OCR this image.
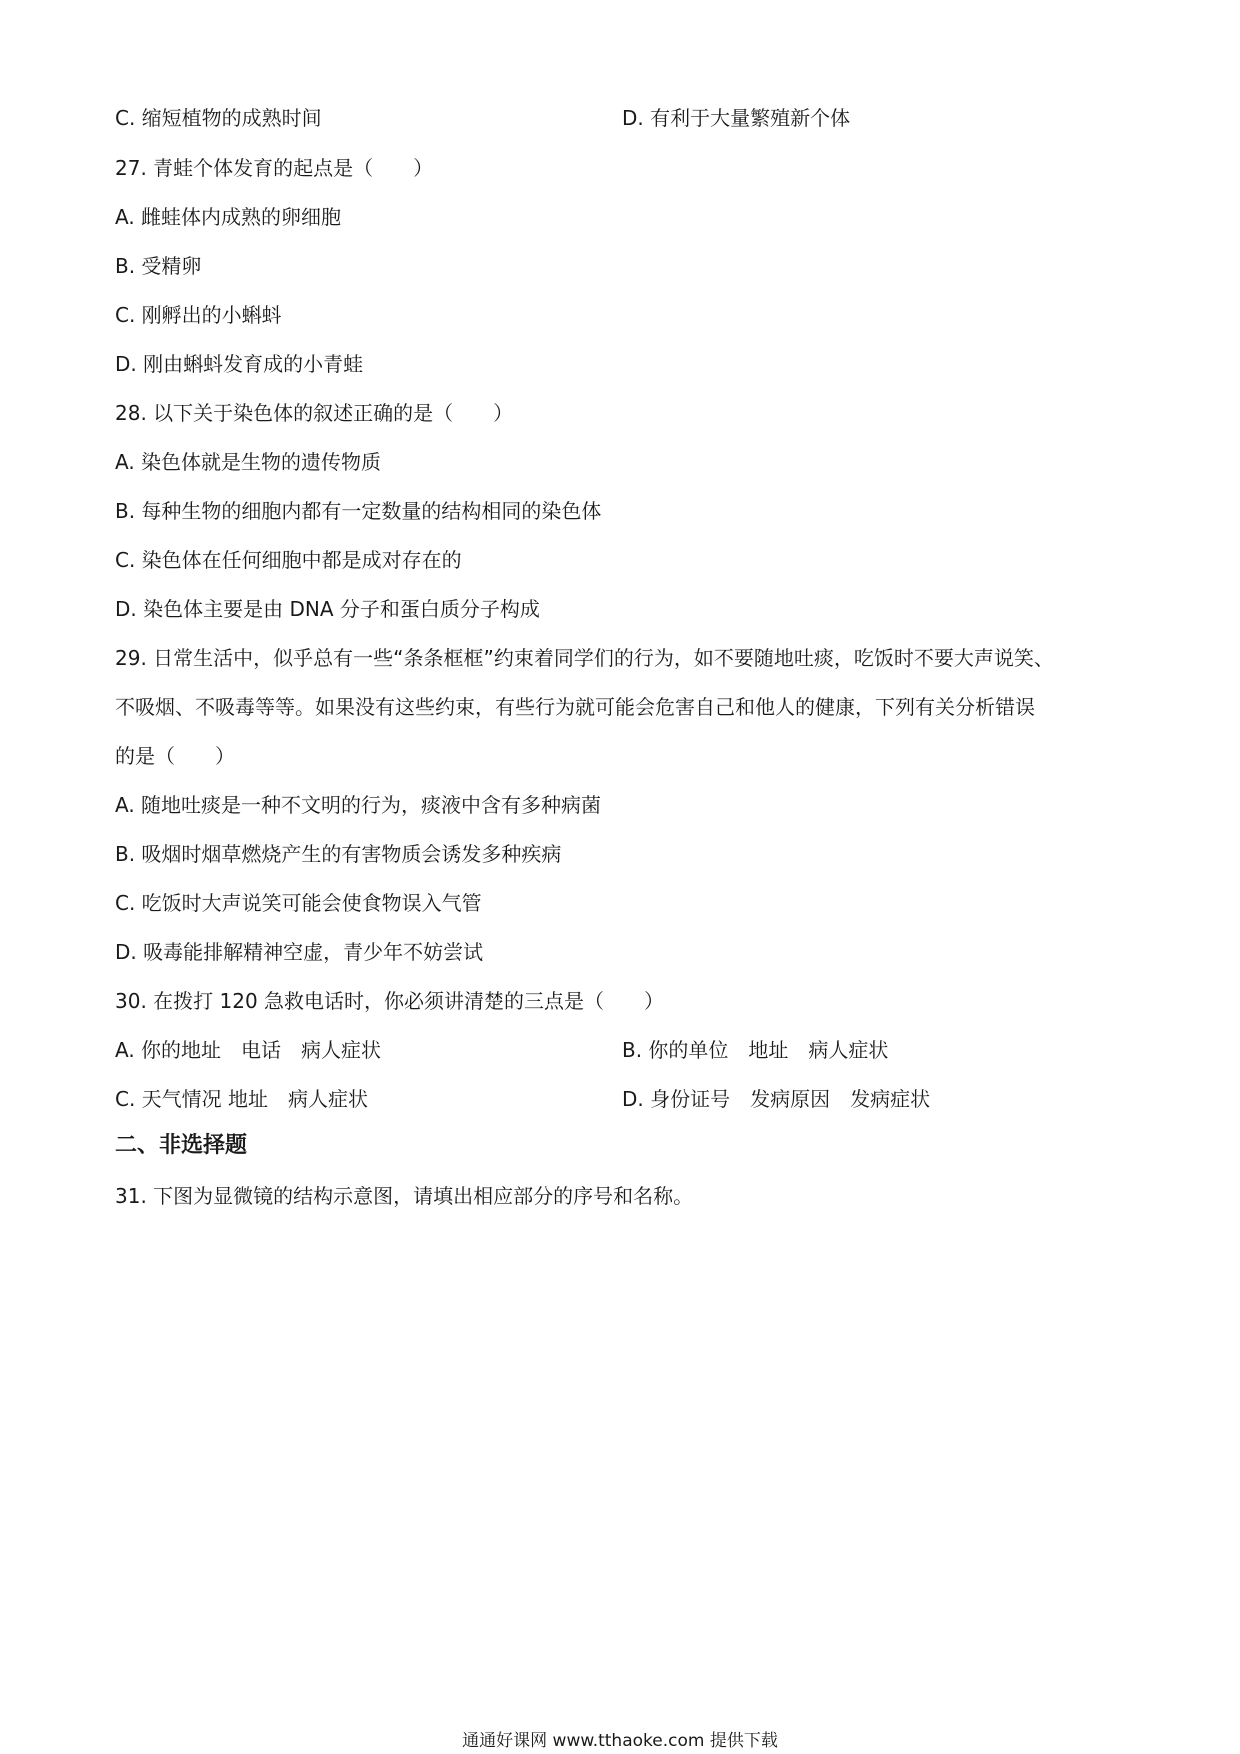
C. 缩短植物的成熟时间	D. 有利于大量繁殖新个体
27. 青蛙个体发育的起点是（　　）
A. 雌蛙体内成熟的卵细胞
B. 受精卵
C. 刚孵出的小蝌蚪
D. 刚由蝌蚪发育成的小青蛙
28. 以下关于染色体的叙述正确的是（　　）
A. 染色体就是生物的遗传物质
B. 每种生物的细胞内都有一定数量的结构相同的染色体
C. 染色体在任何细胞中都是成对存在的
D. 染色体主要是由 DNA 分子和蛋白质分子构成
29. 日常生活中，似乎总有一些“条条框框”约束着同学们的行为，如不要随地吐痰，吃饭时不要大声说笑、
不吸烟、不吸毒等等。如果没有这些约束，有些行为就可能会危害自己和他人的健康，下列有关分析错误
的是（　　）
A. 随地吐痰是一种不文明的行为，痰液中含有多种病菌
B. 吸烟时烟草燃烧产生的有害物质会诱发多种疾病
C. 吃饭时大声说笑可能会使食物误入气管
D. 吸毒能排解精神空虚，青少年不妨尝试
30. 在拨打 120 急救电话时，你必须讲清楚的三点是（　　）
A. 你的地址　电话　病人症状	B. 你的单位　地址　病人症状
C. 天气情况 地址　病人症状	D. 身份证号　发病原因　发病症状
二、非选择题
31. 下图为显微镜的结构示意图，请填出相应部分的序号和名称。
通通好课网 www.tthaoke.com 提供下载
